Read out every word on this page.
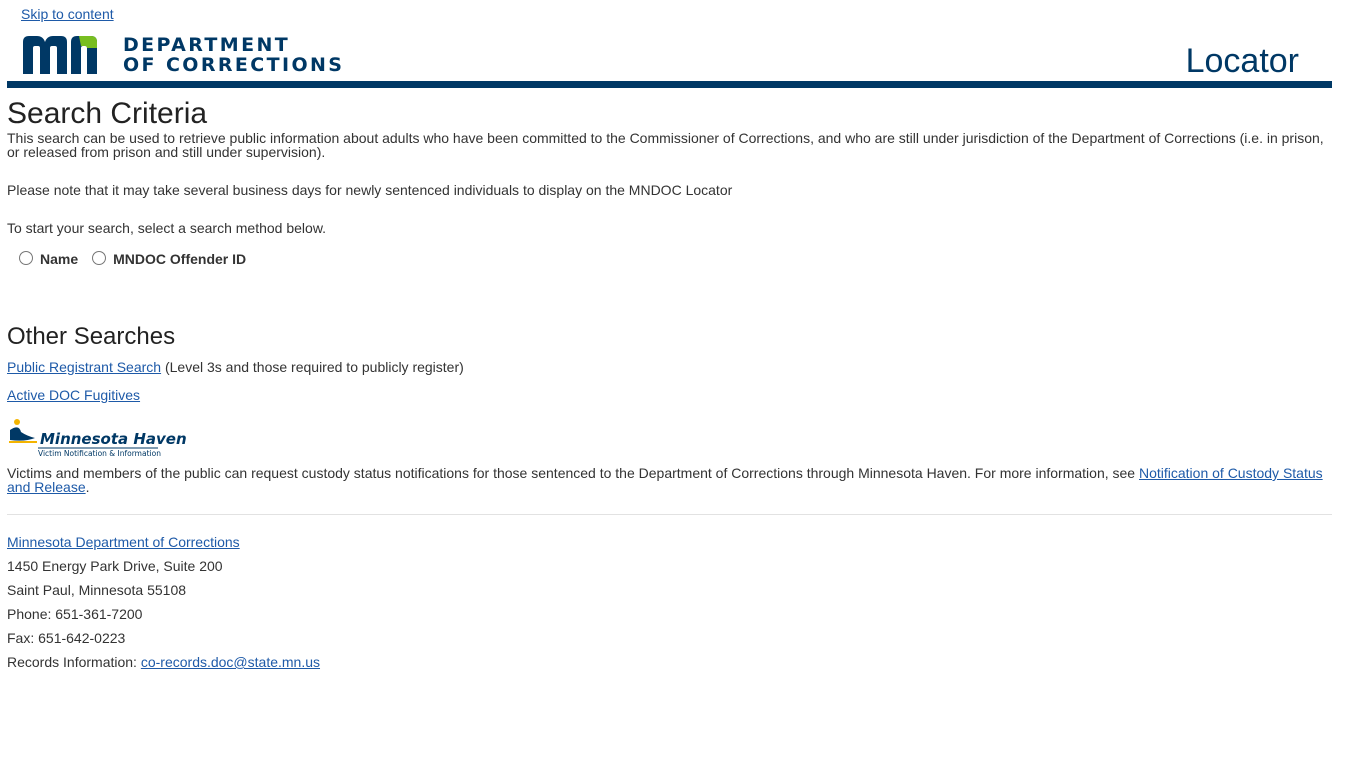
Skip to content
DEPARTMENT
OF CORRECTIONS	Locator
Search Criteria

This search can be used to retrieve public information about adults who have been committed to the Commissioner of Corrections, and who are still under jurisdiction of the Department of Corrections (i.e. in prison, or released from prison and still under supervision).

Please note that it may take several business days for newly sentenced individuals to display on the MNDOC Locator

To start your search, select a search method below.

Name	MNDOC Offender ID
Other Searches

Public Registrant Search (Level 3s and those required to publicly register)

Active DOC Fugitives

Minnesota Haven
Victim Notification & Information

Victims and members of the public can request custody status notifications for those sentenced to the Department of Corrections through Minnesota Haven. For more information, see Notification of Custody Status and Release.

Minnesota Department of Corrections
1450 Energy Park Drive, Suite 200
Saint Paul, Minnesota 55108
Phone: 651-361-7200
Fax: 651-642-0223
Records Information: co-records.doc@state.mn.us
